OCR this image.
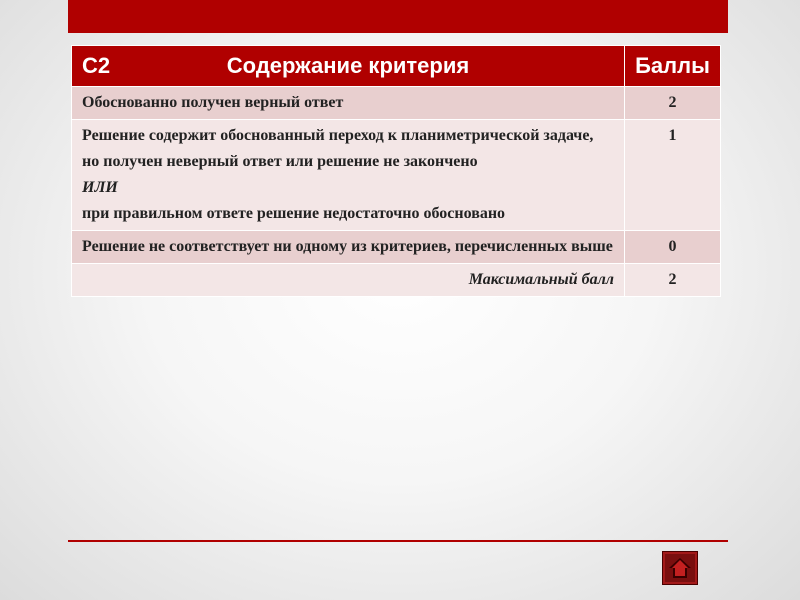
С2 Содержание критерия	Баллы
Обоснованно получен верный ответ	2
Решение содержит обоснованный переход к планиметрической задаче, но получен неверный ответ или решение не закончено
ИЛИ
при правильном ответе решение недостаточно обосновано	1
Решение не соответствует ни одному из критериев, перечисленных выше	0
Максимальный балл	2
